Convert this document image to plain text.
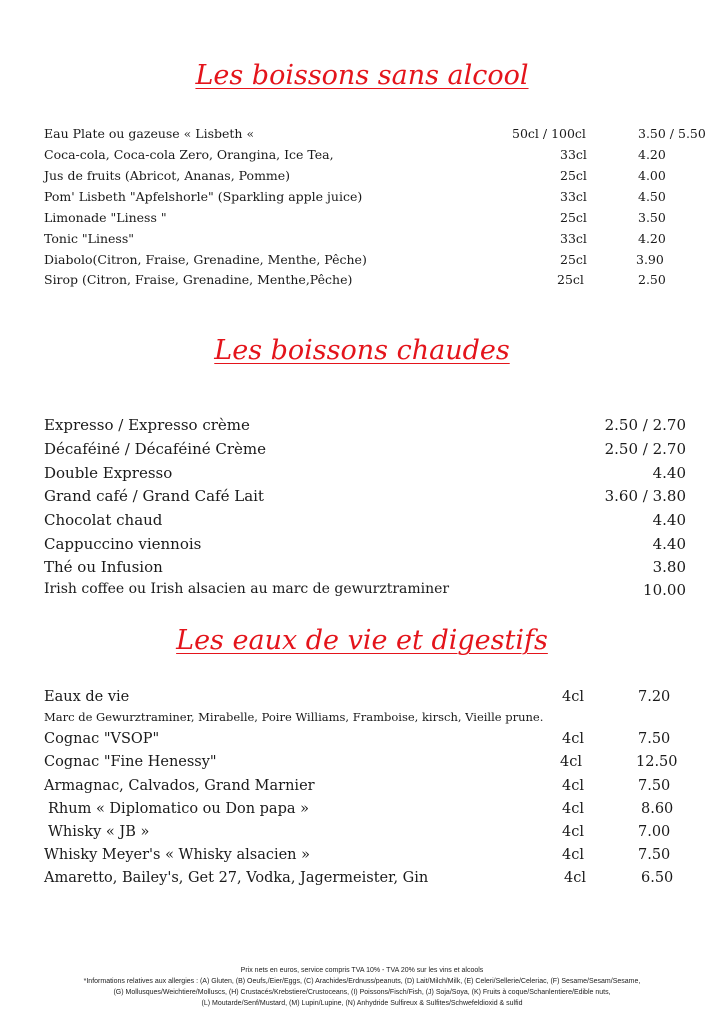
Les boissons sans alcool
Eau Plate ou gazeuse « Lisbeth «	50cl / 100cl	3.50 / 5.50
Coca-cola, Coca-cola Zero, Orangina, Ice Tea,	33cl	4.20
Jus de fruits (Abricot, Ananas, Pomme)	25cl	4.00
Pom' Lisbeth "Apfelshorle" (Sparkling apple juice)	33cl	4.50
Limonade "Liness "	25cl	3.50
Tonic "Liness"	33cl	4.20
Diabolo(Citron, Fraise, Grenadine, Menthe, Pêche)	25cl	3.90
Sirop (Citron, Fraise, Grenadine, Menthe,Pêche)	25cl	2.50
Les boissons chaudes
Expresso / Expresso crème	2.50 / 2.70
Décaféiné / Décaféiné Crème	2.50 / 2.70
Double Expresso	4.40
Grand café / Grand Café Lait	3.60 / 3.80
Chocolat chaud	4.40
Cappuccino viennois	4.40
Thé ou Infusion	3.80
Irish coffee ou Irish alsacien au marc de gewurztraminer	10.00
Les eaux de vie et digestifs
Eaux de vie	4cl	7.20
Marc de Gewurztraminer, Mirabelle, Poire Williams, Framboise, kirsch, Vieille prune.
Cognac "VSOP"	4cl	7.50
Cognac "Fine Henessy"	4cl	12.50
Armagnac, Calvados, Grand Marnier	4cl	7.50
Rhum « Diplomatico ou Don papa »	4cl	8.60
Whisky « JB »	4cl	7.00
Whisky Meyer's « Whisky alsacien »	4cl	7.50
Amaretto, Bailey's, Get 27, Vodka, Jagermeister, Gin	4cl	6.50
Prix nets en euros, service compris TVA 10% - TVA 20% sur les vins et alcools
*Informations relatives aux allergies : (A) Gluten, (B) Oeufs,/Eier/Eggs, (C) Arachides/Erdnuss/peanuts, (D) Lait/Milch/Milk, (E) Celeri/Sellerie/Celeriac, (F) Sesame/Sesam/Sesame,
(G) Mollusques/Weichtiere/Molluscs, (H) Crustacés/Krebstiere/Crustoceans, (I) Poissons/Fisch/Fish, (J) Soja/Soya, (K) Fruits à coque/Schanlentiere/Edible nuts,
(L) Moutarde/Senf/Mustard, (M) Lupin/Lupine, (N) Anhydride Sulfireux & Sulfites/Schwefeldioxid & sulfid
